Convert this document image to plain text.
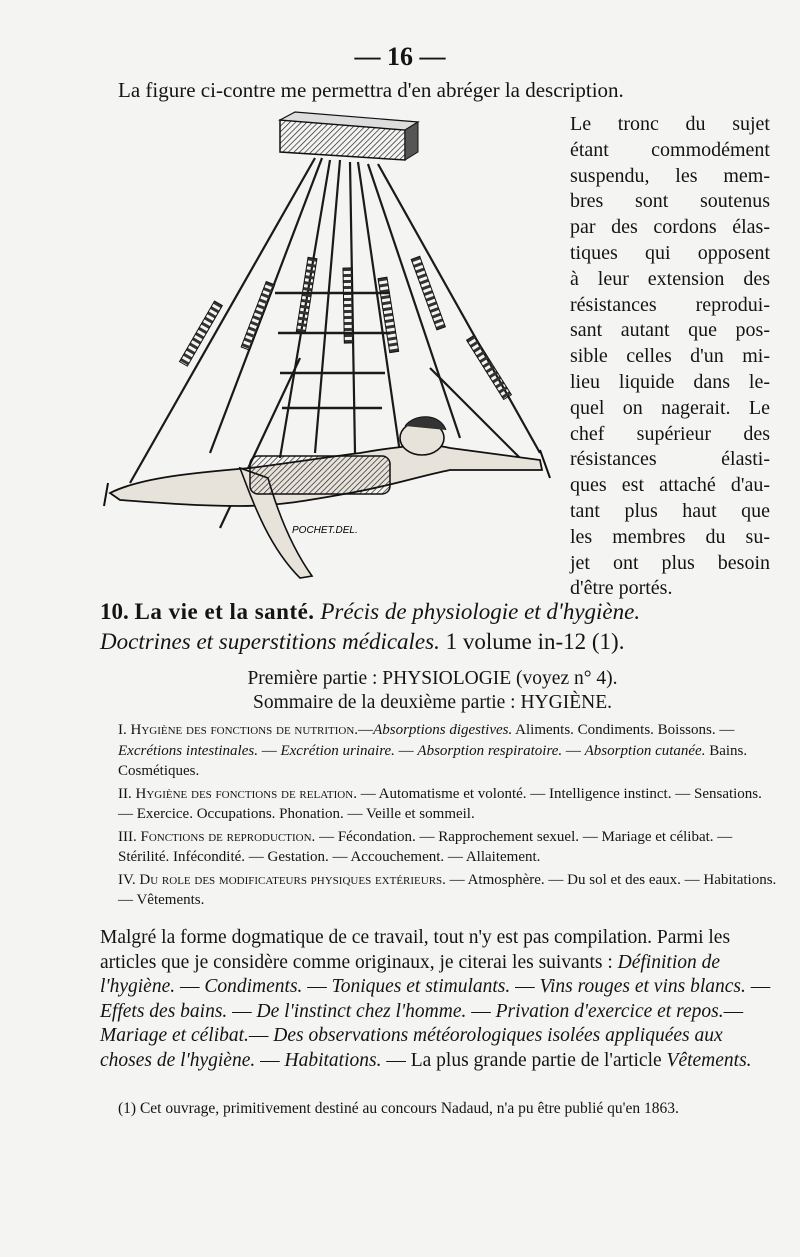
— 16 —
La figure ci-contre me permettra d'en abréger la description.
POCHET.DEL.
Le tronc du sujet
étant commodément
suspendu, les mem-
bres sont soutenus
par des cordons élas-
tiques qui opposent
à leur extension des
résistances reprodui-
sant autant que pos-
sible celles d'un mi-
lieu liquide dans le-
quel on nagerait. Le
chef supérieur des
résistances élasti-
ques est attaché d'au-
tant plus haut que
les membres du su-
jet ont plus besoin
d'être portés.
10. La vie et la santé. Précis de physiologie et d'hygiène.
Doctrines et superstitions médicales. 1 volume in-12 (1).
Première partie : PHYSIOLOGIE (voyez n° 4).
Sommaire de la deuxième partie : HYGIÈNE.

I. Hygiène des fonctions de nutrition.—Absorptions digestives. Aliments. Condiments. Boissons. — Excrétions intestinales. — Excrétion urinaire. — Absorption respiratoire. — Absorption cutanée. Bains. Cosmétiques.

II. Hygiène des fonctions de relation. — Automatisme et volonté. — Intelligence instinct. — Sensations. — Exercice. Occupations. Phonation. — Veille et sommeil.

III. Fonctions de reproduction. — Fécondation. — Rapprochement sexuel. — Mariage et célibat. — Stérilité. Infécondité. — Gestation. — Accouchement. — Allaitement.

IV. Du role des modificateurs physiques extérieurs. — Atmosphère. — Du sol et des eaux. — Habitations. — Vêtements.

Malgré la forme dogmatique de ce travail, tout n'y est pas compilation. Parmi les articles que je considère comme originaux, je citerai les suivants : Définition de l'hygiène. — Condiments. — Toniques et stimulants. — Vins rouges et vins blancs. — Effets des bains. — De l'instinct chez l'homme. — Privation d'exercice et repos.— Mariage et célibat.— Des observations météorologiques isolées appliquées aux choses de l'hygiène. — Habitations. — La plus grande partie de l'article Vêtements.

(1) Cet ouvrage, primitivement destiné au concours Nadaud, n'a pu être publié qu'en 1863.
